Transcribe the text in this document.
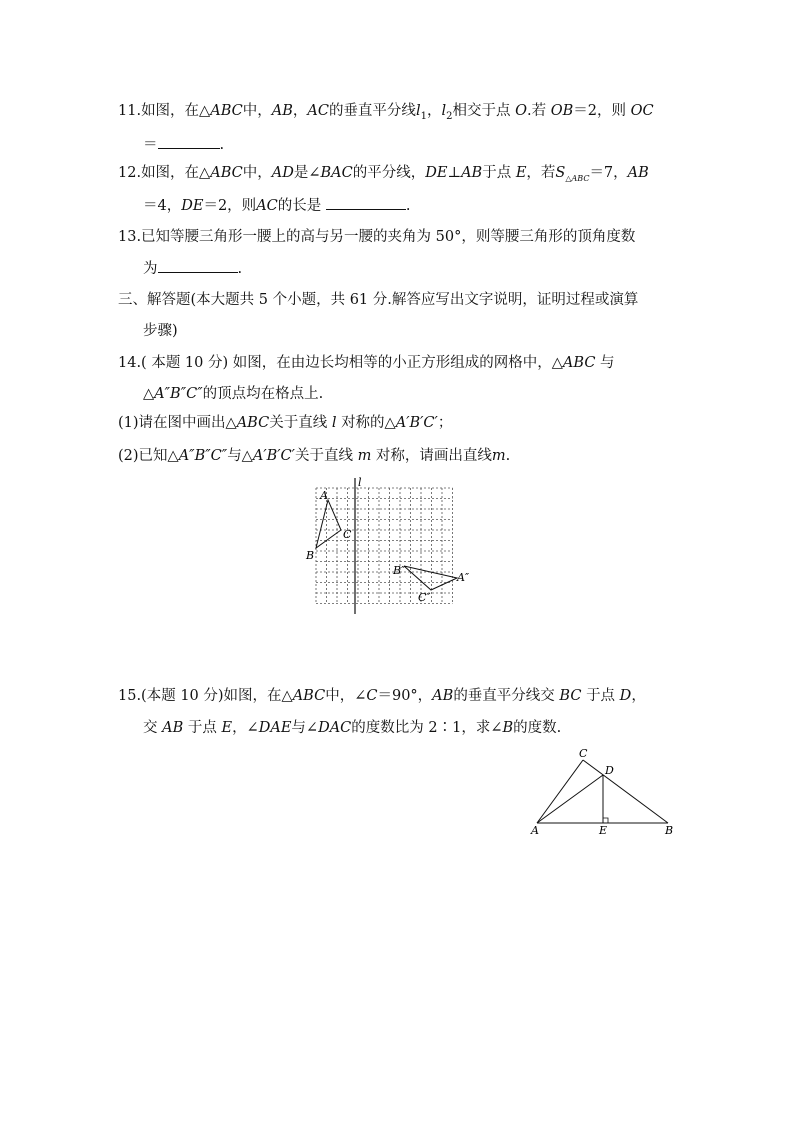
11.如图，在△ABC中，AB，AC的垂直平分线$l_1$，$l_2$相交于点 O.若 OB＝2，则 OC
＝	.
12.如图，在△ABC中，AD是∠BAC的平分线，DE⊥AB于点 E，若$S_{\triangle ABC}=7$，AB
＝4，DE＝2，则AC的长是	.
13.已知等腰三角形一腰上的高与另一腰的夹角为 50°，则等腰三角形的顶角度数
为	.
三、解答题(本大题共 5 个小题，共 61 分.解答应写出文字说明，证明过程或演算
步骤)
14.( 本题 10 分) 如图，在由边长均相等的小正方形组成的网格中，△ABC 与
△A″B″C″的顶点均在格点上.
(1)请在图中画出△ABC关于直线 l 对称的△A′B′C′；
(2)已知△A″B″C″与△A′B′C′关于直线 m 对称，请画出直线m.
l
A
B
C
B″
A″
C″
15.(本题 10 分)如图，在△ABC中，∠C＝90°，AB的垂直平分线交 BC 于点 D，
交 AB 于点 E，∠DAE与∠DAC的度数比为 2∶1，求∠B的度数.
C
D
A	E	B
